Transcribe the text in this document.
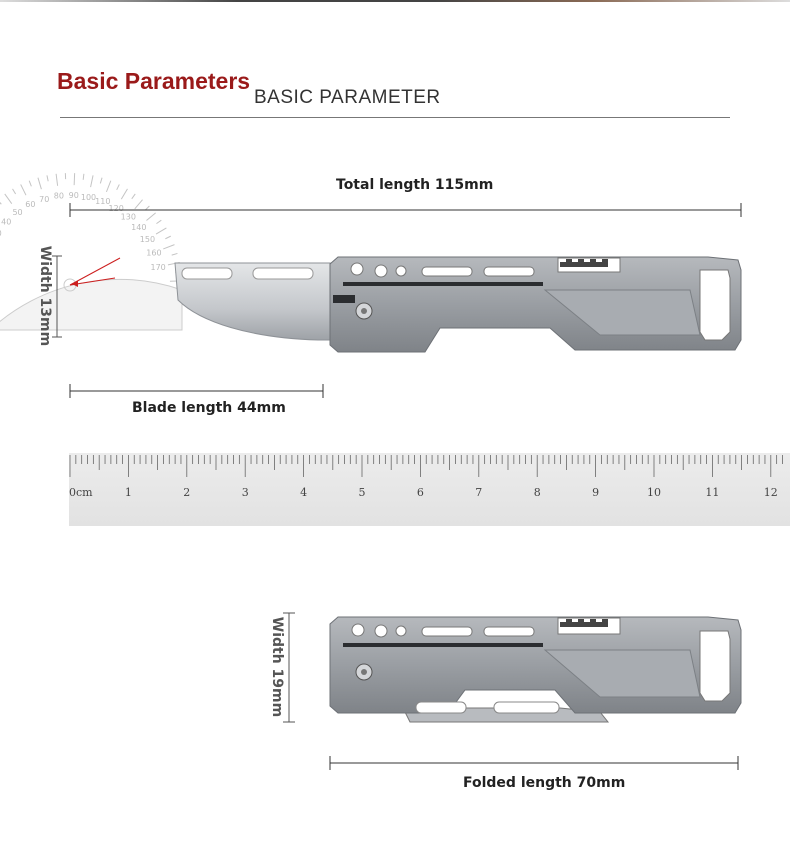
Basic Parameters
BASIC PARAMETER
40
50
60
70 80 90 100 110
120
130
140
150
160
170
0cm	1	2	3	4	5	6	7	8	9	10	11	12
Total length 115mm
Blade length 44mm
Folded length 70mm
Width 13mm
Width 19mm
